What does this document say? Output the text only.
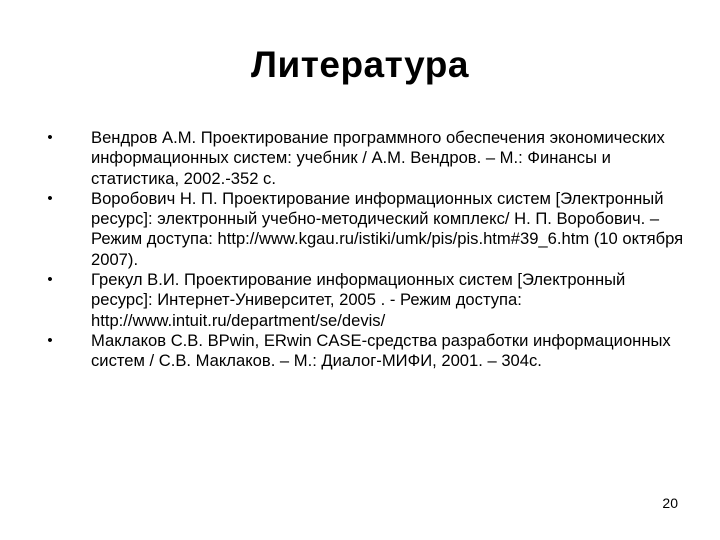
Литература
• Вендров А.М. Проектирование программного обеспечения экономических информационных систем: учебник / А.М. Вендров. – М.: Финансы и статистика, 2002.-352 с.
• Воробович Н. П. Проектирование информационных систем [Электронный ресурс]: электронный учебно-методический комплекс/ Н. П. Воробович. – Режим доступа: http://www.kgau.ru/istiki/umk/pis/pis.htm#39_6.htm (10 октября 2007).
• Грекул В.И. Проектирование информационных систем [Электронный ресурс]: Интернет-Университет, 2005 . - Режим доступа: http://www.intuit.ru/department/se/devis/
• Маклаков С.В. BPwin, ERwin CASE-средства разработки информационных систем / С.В. Маклаков. – М.: Диалог-МИФИ, 2001. – 304с.
20
